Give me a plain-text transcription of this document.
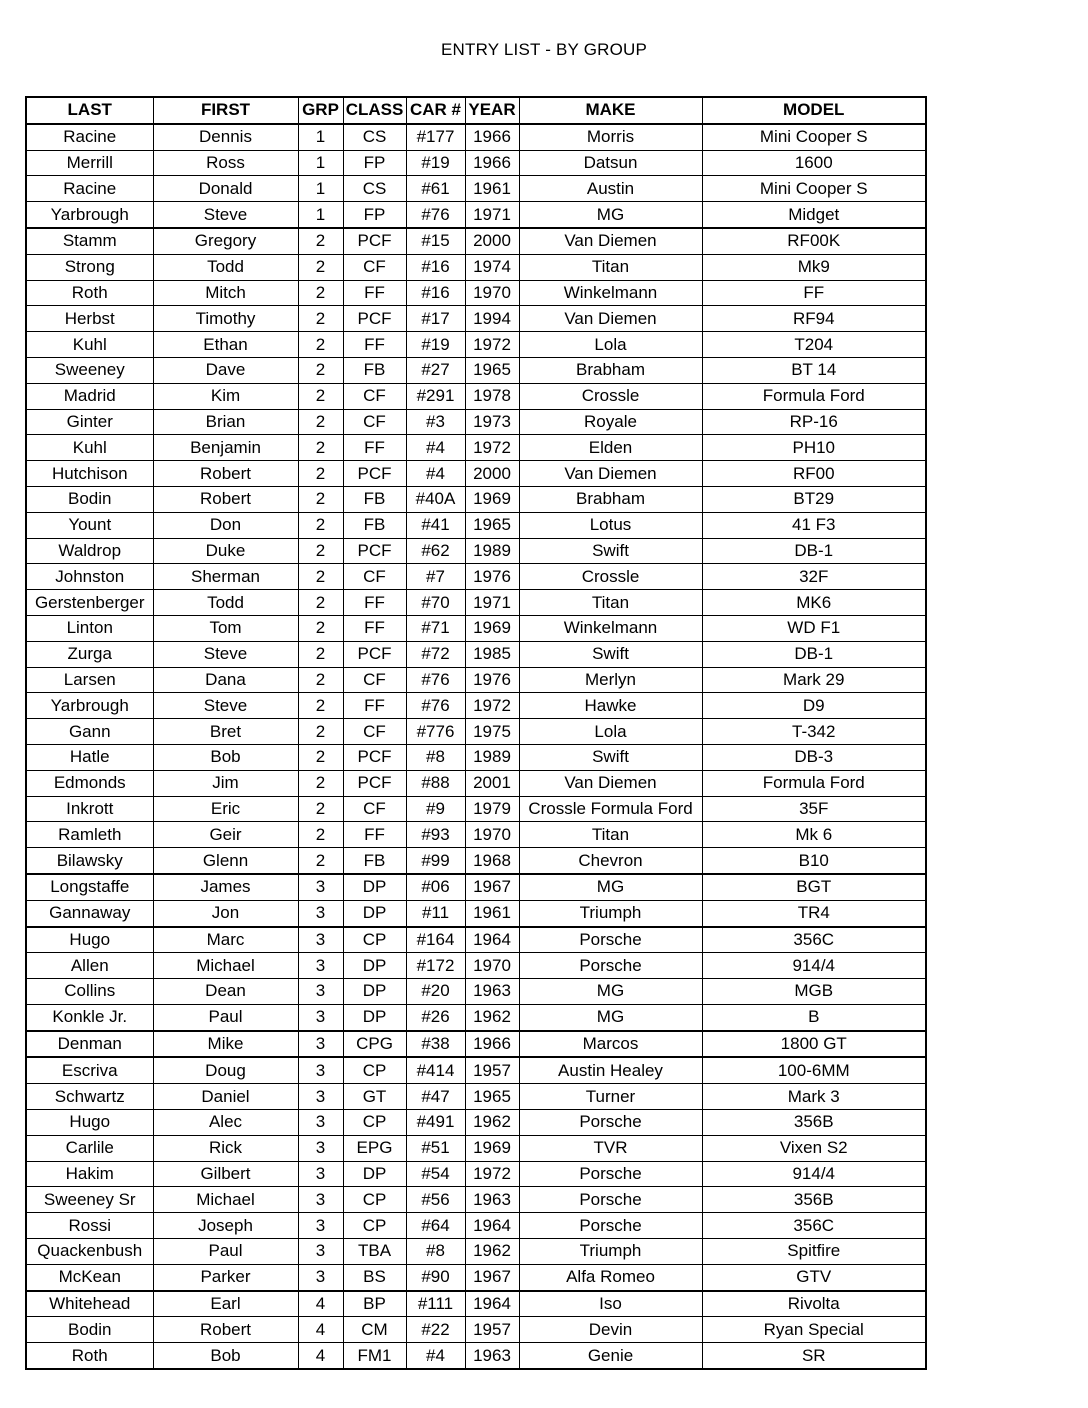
ENTRY LIST - BY GROUP
LAST	FIRST	GRP	CLASS	CAR #	YEAR	MAKE	MODEL
Racine	Dennis	1	CS	#177	1966	Morris	Mini Cooper S
Merrill	Ross	1	FP	#19	1966	Datsun	1600
Racine	Donald	1	CS	#61	1961	Austin	Mini Cooper S
Yarbrough	Steve	1	FP	#76	1971	MG	Midget
Stamm	Gregory	2	PCF	#15	2000	Van Diemen	RF00K
Strong	Todd	2	CF	#16	1974	Titan	Mk9
Roth	Mitch	2	FF	#16	1970	Winkelmann	FF
Herbst	Timothy	2	PCF	#17	1994	Van Diemen	RF94
Kuhl	Ethan	2	FF	#19	1972	Lola	T204
Sweeney	Dave	2	FB	#27	1965	Brabham	BT 14
Madrid	Kim	2	CF	#291	1978	Crossle	Formula Ford
Ginter	Brian	2	CF	#3	1973	Royale	RP-16
Kuhl	Benjamin	2	FF	#4	1972	Elden	PH10
Hutchison	Robert	2	PCF	#4	2000	Van Diemen	RF00
Bodin	Robert	2	FB	#40A	1969	Brabham	BT29
Yount	Don	2	FB	#41	1965	Lotus	41 F3
Waldrop	Duke	2	PCF	#62	1989	Swift	DB-1
Johnston	Sherman	2	CF	#7	1976	Crossle	32F
Gerstenberger	Todd	2	FF	#70	1971	Titan	MK6
Linton	Tom	2	FF	#71	1969	Winkelmann	WD F1
Zurga	Steve	2	PCF	#72	1985	Swift	DB-1
Larsen	Dana	2	CF	#76	1976	Merlyn	Mark 29
Yarbrough	Steve	2	FF	#76	1972	Hawke	D9
Gann	Bret	2	CF	#776	1975	Lola	T-342
Hatle	Bob	2	PCF	#8	1989	Swift	DB-3
Edmonds	Jim	2	PCF	#88	2001	Van Diemen	Formula Ford
Inkrott	Eric	2	CF	#9	1979	Crossle Formula Ford	35F
Ramleth	Geir	2	FF	#93	1970	Titan	Mk 6
Bilawsky	Glenn	2	FB	#99	1968	Chevron	B10
Longstaffe	James	3	DP	#06	1967	MG	BGT
Gannaway	Jon	3	DP	#11	1961	Triumph	TR4
Hugo	Marc	3	CP	#164	1964	Porsche	356C
Allen	Michael	3	DP	#172	1970	Porsche	914/4
Collins	Dean	3	DP	#20	1963	MG	MGB
Konkle Jr.	Paul	3	DP	#26	1962	MG	B
Denman	Mike	3	CPG	#38	1966	Marcos	1800 GT
Escriva	Doug	3	CP	#414	1957	Austin Healey	100-6MM
Schwartz	Daniel	3	GT	#47	1965	Turner	Mark 3
Hugo	Alec	3	CP	#491	1962	Porsche	356B
Carlile	Rick	3	EPG	#51	1969	TVR	Vixen S2
Hakim	Gilbert	3	DP	#54	1972	Porsche	914/4
Sweeney Sr	Michael	3	CP	#56	1963	Porsche	356B
Rossi	Joseph	3	CP	#64	1964	Porsche	356C
Quackenbush	Paul	3	TBA	#8	1962	Triumph	Spitfire
McKean	Parker	3	BS	#90	1967	Alfa Romeo	GTV
Whitehead	Earl	4	BP	#111	1964	Iso	Rivolta
Bodin	Robert	4	CM	#22	1957	Devin	Ryan Special
Roth	Bob	4	FM1	#4	1963	Genie	SR
